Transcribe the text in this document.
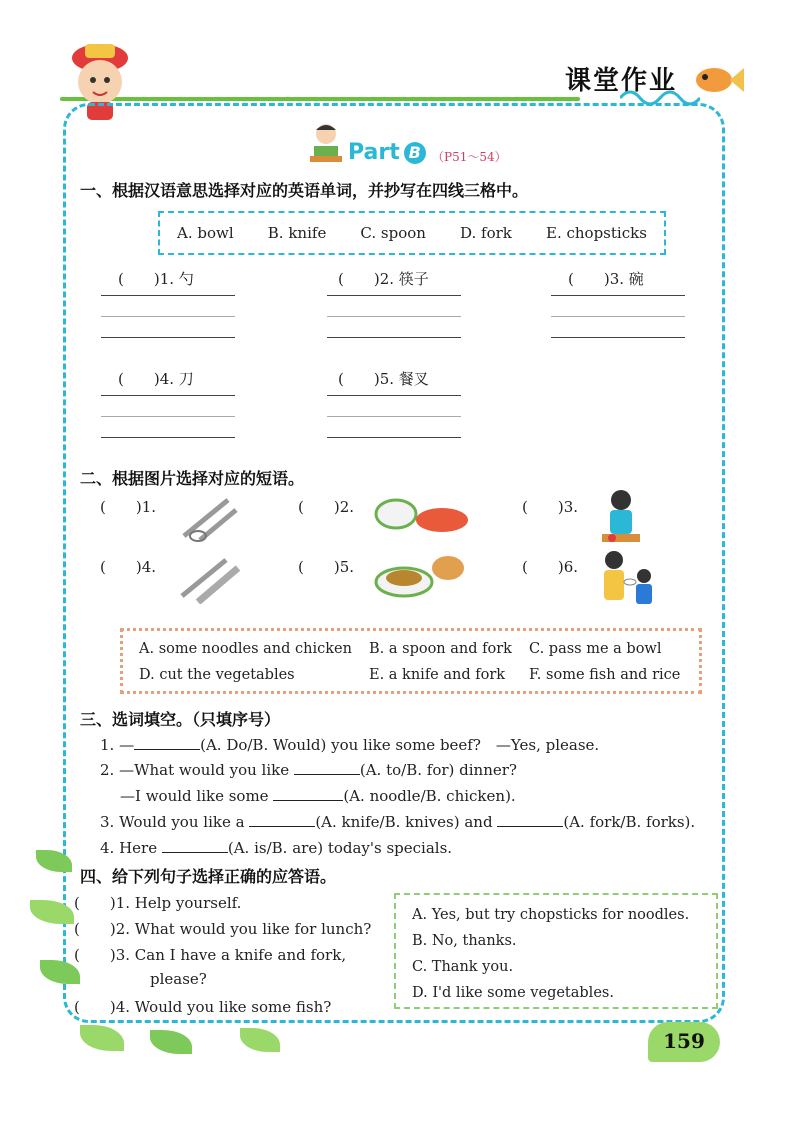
课堂作业
Part B （P51～54）
一、根据汉语意思选择对应的英语单词，并抄写在四线三格中。
A. bowl B. knife C. spoon D. fork E. chopsticks
(　　)1. 勺	(　　)2. 筷子	(　　)3. 碗
(　　)4. 刀	(　　)5. 餐叉
二、根据图片选择对应的短语。
(　　)1.	(　　)2.	(　　)3.
(　　)4.	(　　)5.	(　　)6.
A. some noodles and chicken B. a spoon and fork C. pass me a bowl
D. cut the vegetables	E. a knife and fork F. some fish and rice
三、选词填空。（只填序号）
1. —	(A. Do/B. Would) you like some beef?　—Yes, please.
2. —What would you like	(A. to/B. for) dinner?
—I would like some	(A. noodle/B. chicken).
3. Would you like a	(A. knife/B. knives) and	(A. fork/B. forks).
4. Here	(A. is/B. are) today's specials.
四、给下列句子选择正确的应答语。
(　　)1. Help yourself.
(　　)2. What would you like for lunch?
(　　)3. Can I have a knife and fork,
please?
(　　)4. Would you like some fish?
A. Yes, but try chopsticks for noodles.
B. No, thanks.
C. Thank you.
D. I'd like some vegetables.
159
